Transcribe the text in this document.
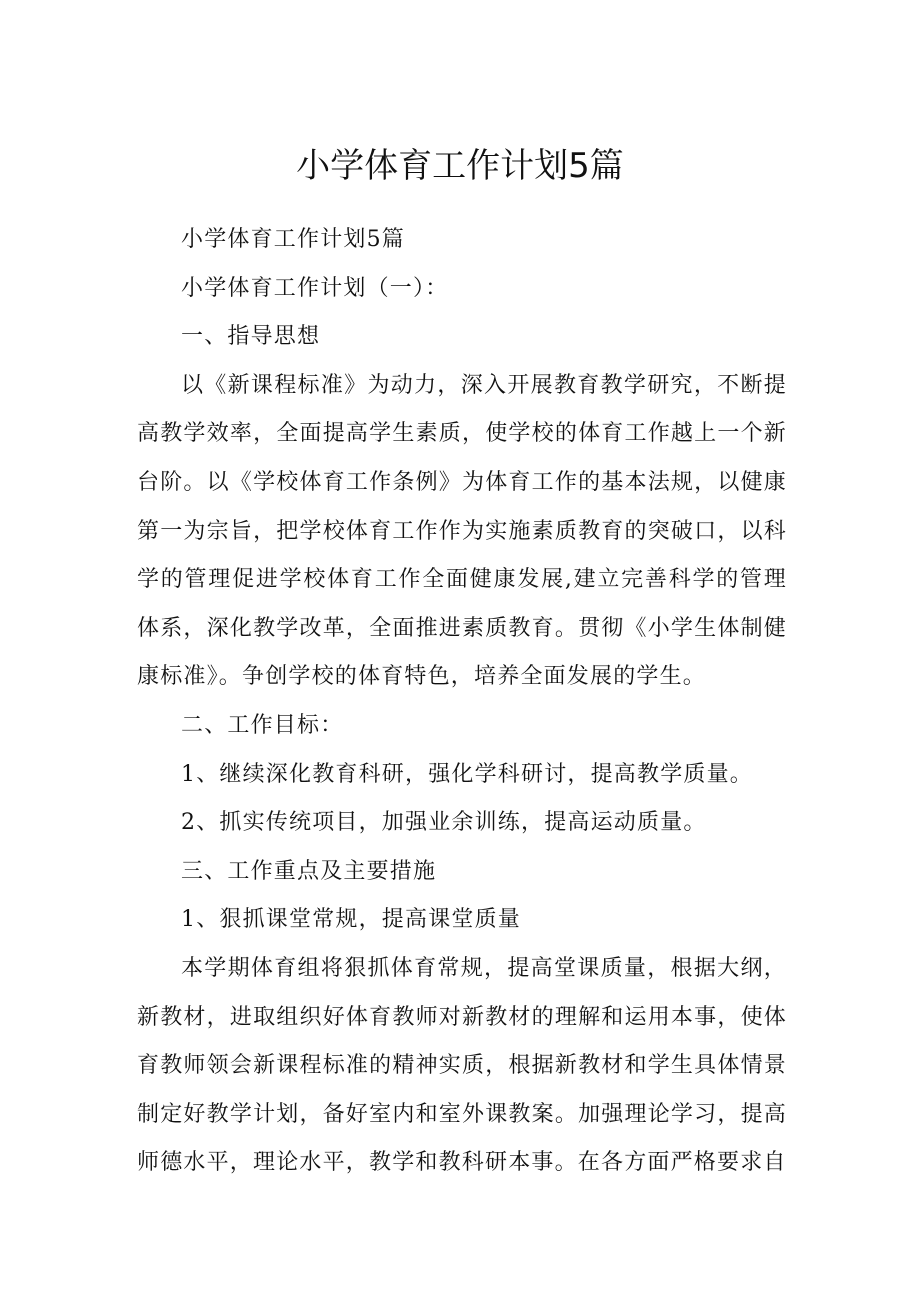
小学体育工作计划5篇

小学体育工作计划5篇

小学体育工作计划（一）：

一、指导思想

以《新课程标准》为动力，深入开展教育教学研究，不断提高教学效率，全面提高学生素质，使学校的体育工作越上一个新台阶。以《学校体育工作条例》为体育工作的基本法规，以健康第一为宗旨，把学校体育工作作为实施素质教育的突破口，以科学的管理促进学校体育工作全面健康发展,建立完善科学的管理体系，深化教学改革，全面推进素质教育。贯彻《小学生体制健康标准》。争创学校的体育特色，培养全面发展的学生。

二、工作目标：

1、继续深化教育科研，强化学科研讨，提高教学质量。

2、抓实传统项目，加强业余训练，提高运动质量。

三、工作重点及主要措施

1、狠抓课堂常规，提高课堂质量

本学期体育组将狠抓体育常规，提高堂课质量，根据大纲，新教材，进取组织好体育教师对新教材的理解和运用本事，使体育教师领会新课程标准的精神实质，根据新教材和学生具体情景制定好教学计划，备好室内和室外课教案。加强理论学习，提高师德水平，理论水平，教学和教科研本事。在各方面严格要求自
